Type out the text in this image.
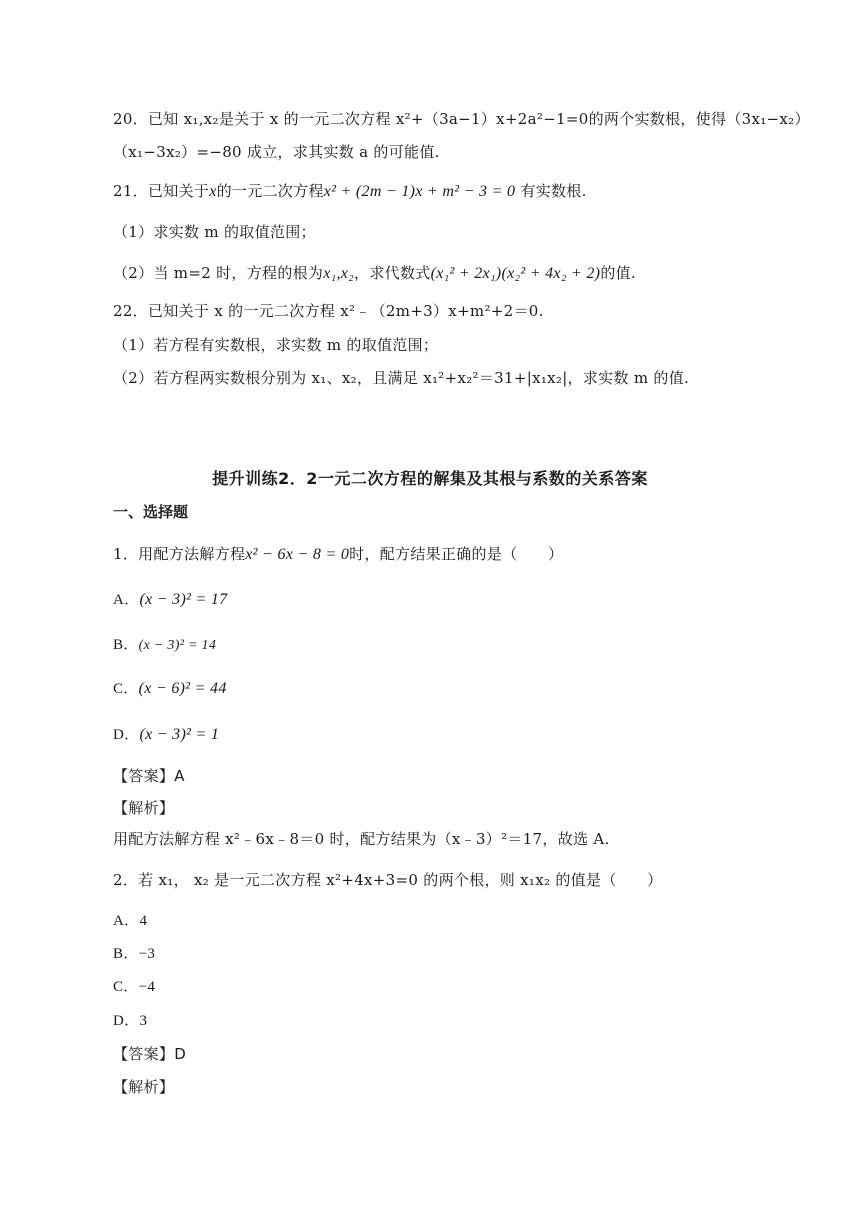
20．已知 x₁,x₂是关于 x 的一元二次方程 x²+（3a−1）x+2a²−1=0的两个实数根，使得（3x₁−x₂）
（x₁−3x₂）=−80 成立，求其实数 a 的可能值.
21．已知关于x的一元二次方程x² + (2m − 1)x + m² − 3 = 0 有实数根.
（1）求实数 m 的取值范围；
（2）当 m=2 时，方程的根为x₁,x₂，求代数式(x₁² + 2x₁)(x₂² + 4x₂ + 2)的值.
22．已知关于 x 的一元二次方程 x²﹣（2m+3）x+m²+2＝0.
（1）若方程有实数根，求实数 m 的取值范围；
（2）若方程两实数根分别为 x₁、x₂，且满足 x₁²+x₂²＝31+|x₁x₂|，求实数 m 的值.
提升训练2．2一元二次方程的解集及其根与系数的关系答案
一、选择题
1．用配方法解方程x² − 6x − 8 = 0时，配方结果正确的是（　　）
A．(x − 3)² = 17
B．(x − 3)² = 14
C．(x − 6)² = 44
D．(x − 3)² = 1
【答案】A
【解析】
用配方法解方程 x²﹣6x﹣8＝0 时，配方结果为（x﹣3）²＝17，故选 A.
2．若 x₁， x₂ 是一元二次方程 x²+4x+3=0 的两个根，则 x₁x₂ 的值是（　　）
A．4
B．−3
C．−4
D．3
【答案】D
【解析】
